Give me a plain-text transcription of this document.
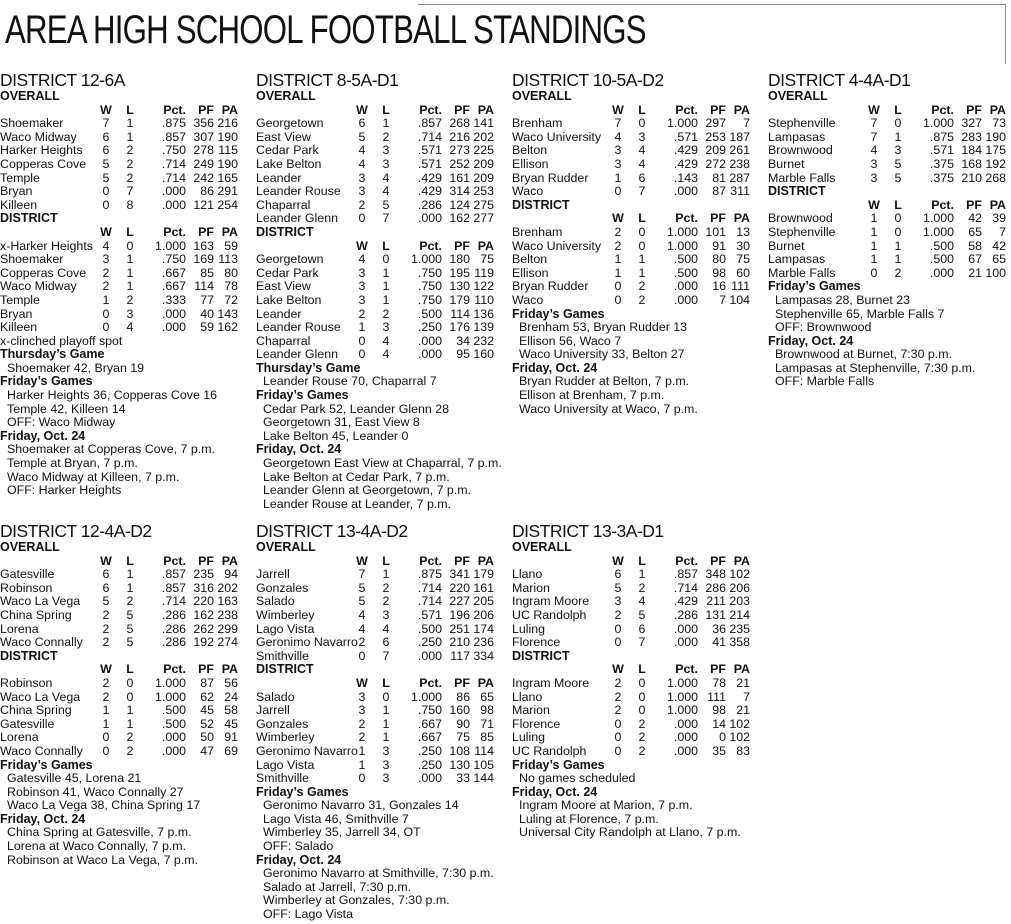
AREA HIGH SCHOOL FOOTBALL STANDINGS
DISTRICT 12-6A
OVERALL
	W	L	Pct.	PF	PA
Shoemaker	7	1	.875	356	216
Waco Midway	6	1	.857	307	190
Harker Heights	6	2	.750	278	115
Copperas Cove	5	2	.714	249	190
Temple	5	2	.714	242	165
Bryan	0	7	.000	86	291
Killeen	0	8	.000	121	254
DISTRICT
	W	L	Pct.	PF	PA
x-Harker Heights	4	0	1.000	163	59
Shoemaker	3	1	.750	169	113
Copperas Cove	2	1	.667	85	80
Waco Midway	2	1	.667	114	78
Temple	1	2	.333	77	72
Bryan	0	3	.000	40	143
Killeen	0	4	.000	59	162
x-clinched playoff spot
Thursday’s Game
Shoemaker 42, Bryan 19
Friday’s Games
Harker Heights 36, Copperas Cove 16
Temple 42, Killeen 14
OFF: Waco Midway
Friday, Oct. 24
Shoemaker at Copperas Cove, 7 p.m.
Temple at Bryan, 7 p.m.
Waco Midway at Killeen, 7 p.m.
OFF: Harker Heights
DISTRICT 8-5A-D1
OVERALL
	W	L	Pct.	PF	PA
Georgetown	6	1	.857	268	141
East View	5	2	.714	216	202
Cedar Park	4	3	.571	273	225
Lake Belton	4	3	.571	252	209
Leander	3	4	.429	161	209
Leander Rouse	3	4	.429	314	253
Chaparral	2	5	.286	124	275
Leander Glenn	0	7	.000	162	277
DISTRICT
	W	L	Pct.	PF	PA
Georgetown	4	0	1.000	180	75
Cedar Park	3	1	.750	195	119
East View	3	1	.750	130	122
Lake Belton	3	1	.750	179	110
Leander	2	2	.500	114	136
Leander Rouse	1	3	.250	176	139
Chaparral	0	4	.000	34	232
Leander Glenn	0	4	.000	95	160
Thursday’s Game
Leander Rouse 70, Chaparral 7
Friday’s Games
Cedar Park 52, Leander Glenn 28
Georgetown 31, East View 8
Lake Belton 45, Leander 0
Friday, Oct. 24
Georgetown East View at Chaparral, 7 p.m.
Lake Belton at Cedar Park, 7 p.m.
Leander Glenn at Georgetown, 7 p.m.
Leander Rouse at Leander, 7 p.m.
DISTRICT 10-5A-D2
OVERALL
	W	L	Pct.	PF	PA
Brenham	7	0	1.000	297	7
Waco University	4	3	.571	253	187
Belton	3	4	.429	209	261
Ellison	3	4	.429	272	238
Bryan Rudder	1	6	.143	81	287
Waco	0	7	.000	87	311
DISTRICT
	W	L	Pct.	PF	PA
Brenham	2	0	1.000	101	13
Waco University	2	0	1.000	91	30
Belton	1	1	.500	80	75
Ellison	1	1	.500	98	60
Bryan Rudder	0	2	.000	16	111
Waco	0	2	.000	7	104
Friday’s Games
Brenham 53, Bryan Rudder 13
Ellison 56, Waco 7
Waco University 33, Belton 27
Friday, Oct. 24
Bryan Rudder at Belton, 7 p.m.
Ellison at Brenham, 7 p.m.
Waco University at Waco, 7 p.m.
DISTRICT 4-4A-D1
OVERALL
	W	L	Pct.	PF	PA
Stephenville	7	0	1.000	327	73
Lampasas	7	1	.875	283	190
Brownwood	4	3	.571	184	175
Burnet	3	5	.375	168	192
Marble Falls	3	5	.375	210	268
DISTRICT
	W	L	Pct.	PF	PA
Brownwood	1	0	1.000	42	39
Stephenville	1	0	1.000	65	7
Burnet	1	1	.500	58	42
Lampasas	1	1	.500	67	65
Marble Falls	0	2	.000	21	100
Friday’s Games
Lampasas 28, Burnet 23
Stephenville 65, Marble Falls 7
OFF: Brownwood
Friday, Oct. 24
Brownwood at Burnet, 7:30 p.m.
Lampasas at Stephenville, 7:30 p.m.
OFF: Marble Falls
DISTRICT 12-4A-D2
OVERALL
	W	L	Pct.	PF	PA
Gatesville	6	1	.857	235	94
Robinson	6	1	.857	316	202
Waco La Vega	5	2	.714	220	163
China Spring	2	5	.286	162	238
Lorena	2	5	.286	262	299
Waco Connally	2	5	.286	192	274
DISTRICT
	W	L	Pct.	PF	PA
Robinson	2	0	1.000	87	56
Waco La Vega	2	0	1.000	62	24
China Spring	1	1	.500	45	58
Gatesville	1	1	.500	52	45
Lorena	0	2	.000	50	91
Waco Connally	0	2	.000	47	69
Friday’s Games
Gatesville 45, Lorena 21
Robinson 41, Waco Connally 27
Waco La Vega 38, China Spring 17
Friday, Oct. 24
China Spring at Gatesville, 7 p.m.
Lorena at Waco Connally, 7 p.m.
Robinson at Waco La Vega, 7 p.m.
DISTRICT 13-4A-D2
OVERALL
	W	L	Pct.	PF	PA
Jarrell	7	1	.875	341	179
Gonzales	5	2	.714	220	161
Salado	5	2	.714	227	205
Wimberley	4	3	.571	196	206
Lago Vista	4	4	.500	251	174
Geronimo Navarro	2	6	.250	210	236
Smithville	0	7	.000	117	334
DISTRICT
	W	L	Pct.	PF	PA
Salado	3	0	1.000	86	65
Jarrell	3	1	.750	160	98
Gonzales	2	1	.667	90	71
Wimberley	2	1	.667	75	85
Geronimo Navarro	1	3	.250	108	114
Lago Vista	1	3	.250	130	105
Smithville	0	3	.000	33	144
Friday’s Games
Geronimo Navarro 31, Gonzales 14
Lago Vista 46, Smithville 7
Wimberley 35, Jarrell 34, OT
OFF: Salado
Friday, Oct. 24
Geronimo Navarro at Smithville, 7:30 p.m.
Salado at Jarrell, 7:30 p.m.
Wimberley at Gonzales, 7:30 p.m.
OFF: Lago Vista
DISTRICT 13-3A-D1
OVERALL
	W	L	Pct.	PF	PA
Llano	6	1	.857	348	102
Marion	5	2	.714	286	206
Ingram Moore	3	4	.429	211	203
UC Randolph	2	5	.286	131	214
Luling	0	6	.000	36	235
Florence	0	7	.000	41	358
DISTRICT
	W	L	Pct.	PF	PA
Ingram Moore	2	0	1.000	78	21
Llano	2	0	1.000	111	7
Marion	2	0	1.000	98	21
Florence	0	2	.000	14	102
Luling	0	2	.000	0	102
UC Randolph	0	2	.000	35	83
Friday’s Games
No games scheduled
Friday, Oct. 24
Ingram Moore at Marion, 7 p.m.
Luling at Florence, 7 p.m.
Universal City Randolph at Llano, 7 p.m.
